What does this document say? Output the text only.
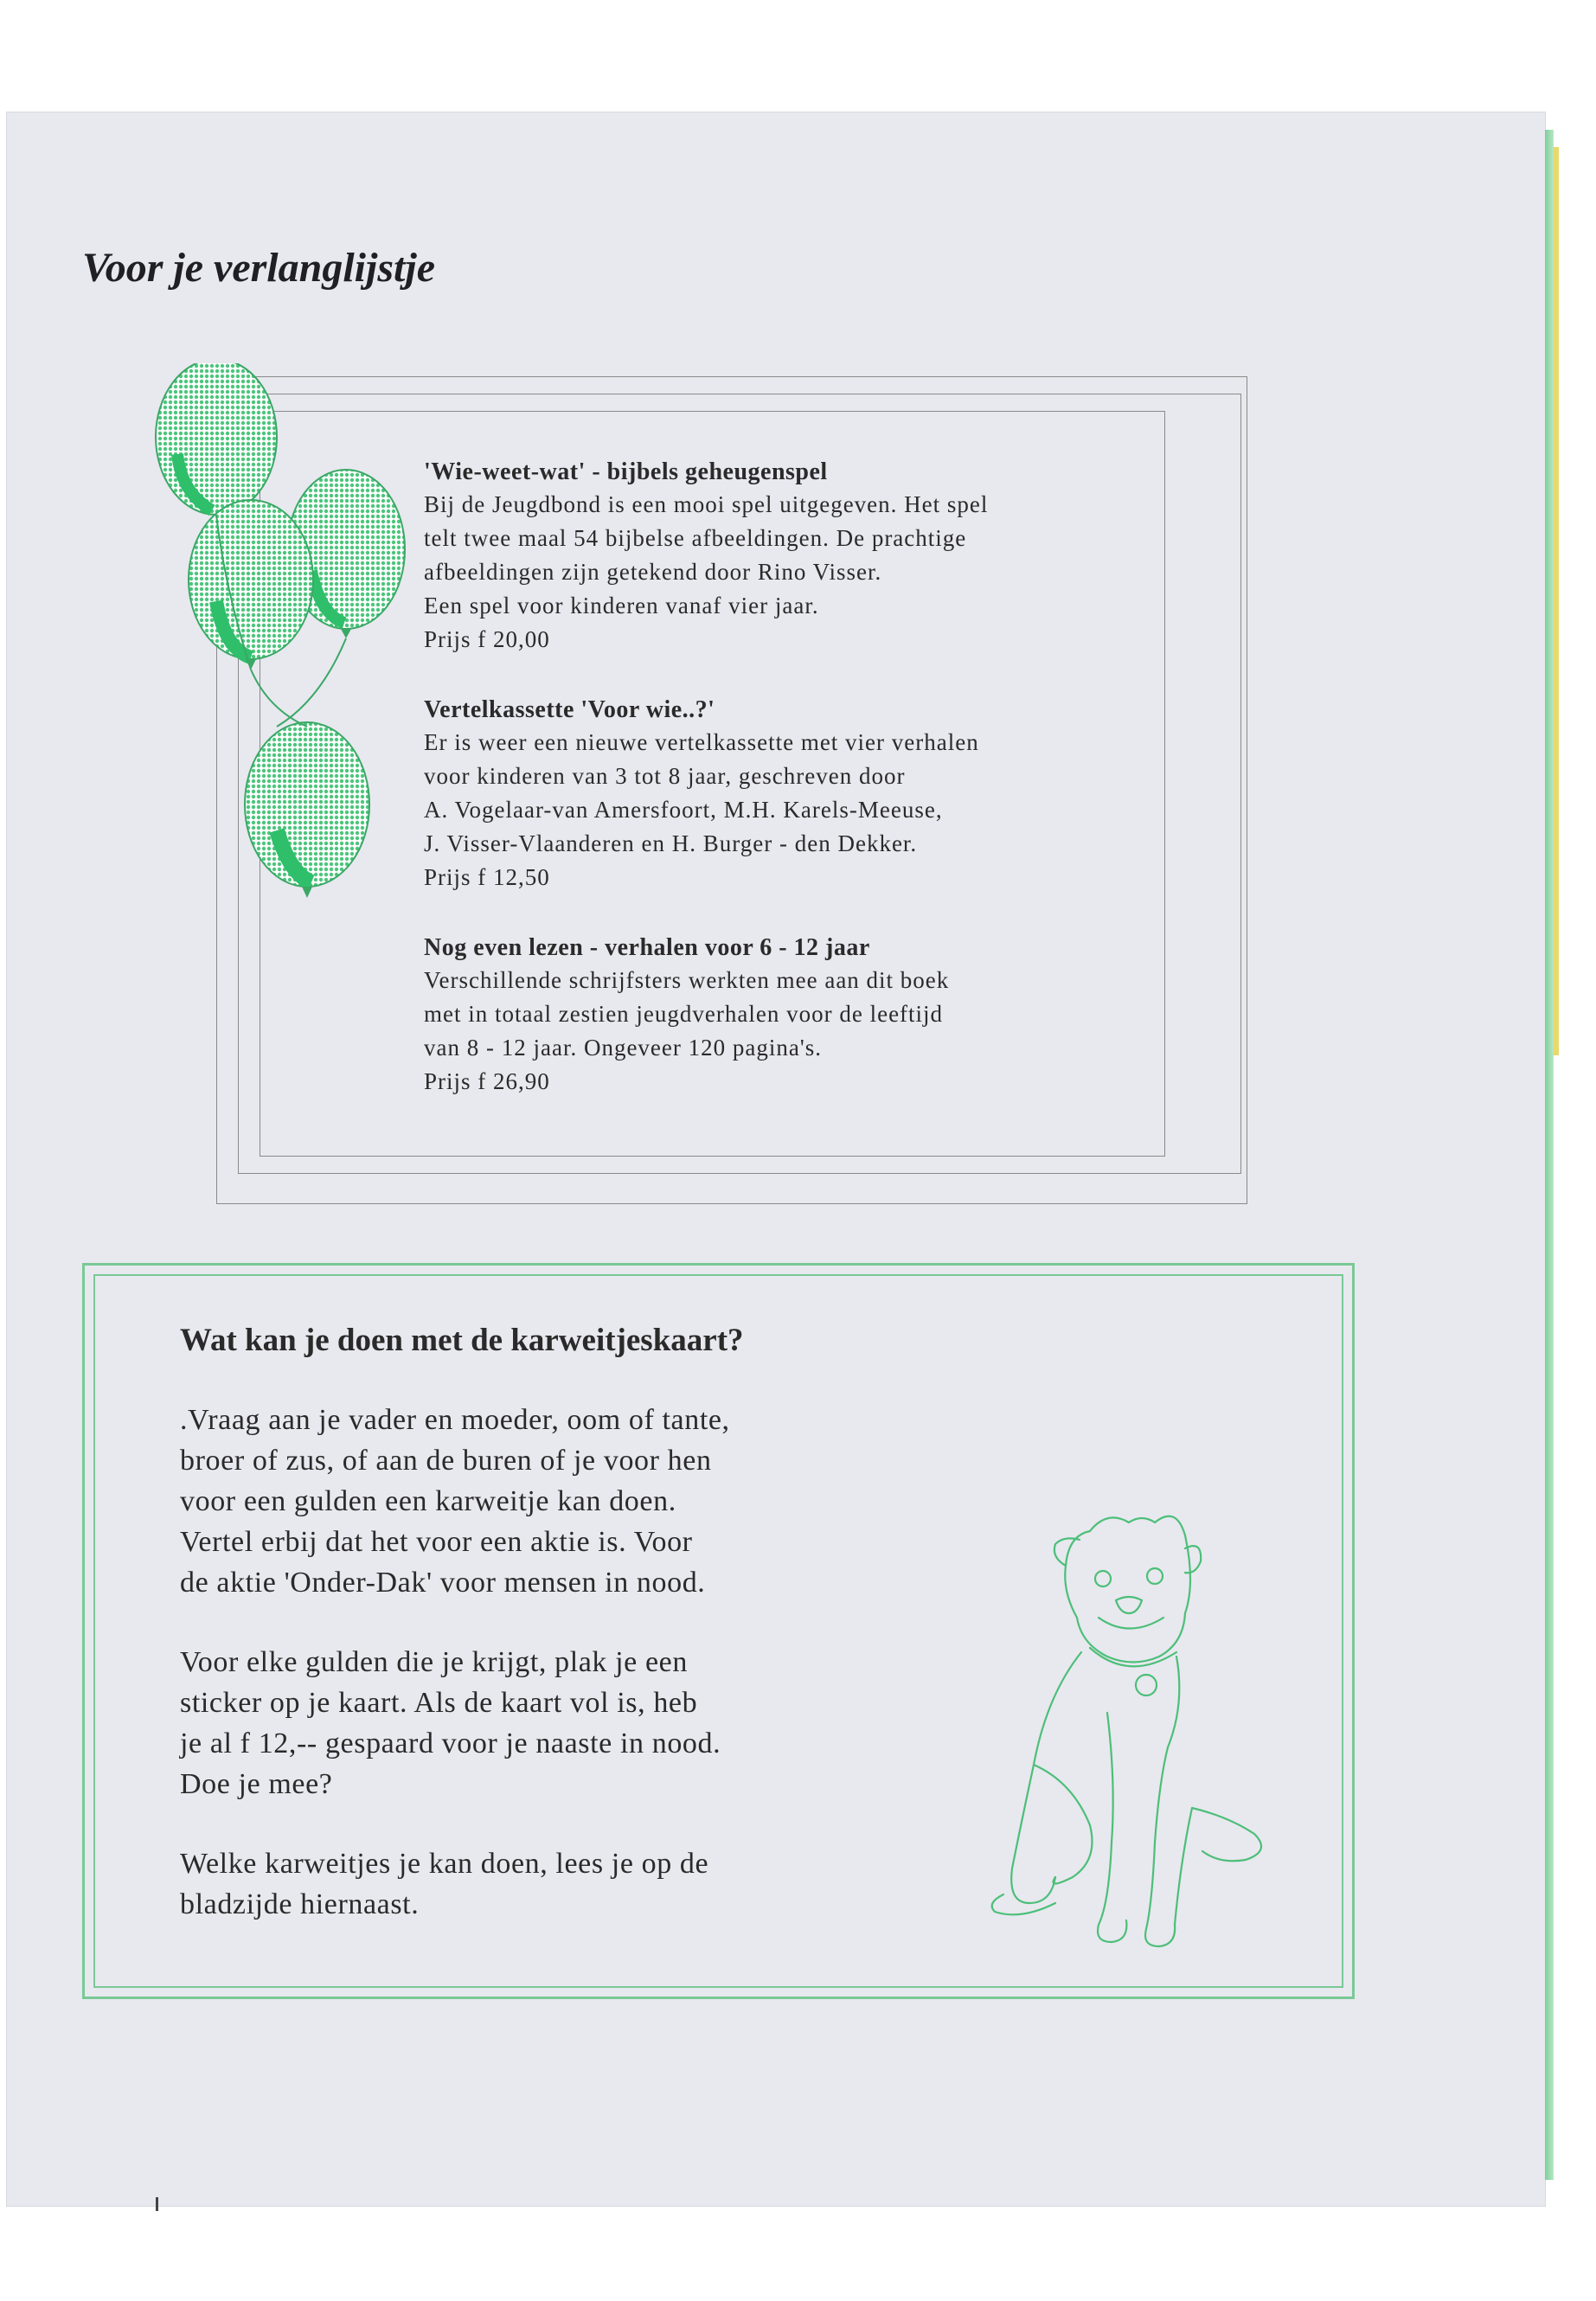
Voor je verlanglijstje

'Wie-weet-wat' - bijbels geheugenspel

Bij de Jeugdbond is een mooi spel uitgegeven. Het spel

telt twee maal 54 bijbelse afbeeldingen. De prachtige

afbeeldingen zijn getekend door Rino Visser.

Een spel voor kinderen vanaf vier jaar.

Prijs f 20,00

Vertelkassette 'Voor wie..?'

Er is weer een nieuwe vertelkassette met vier verhalen

voor kinderen van 3 tot 8 jaar, geschreven door

A. Vogelaar-van Amersfoort, M.H. Karels-Meeuse,

J. Visser-Vlaanderen en H. Burger - den Dekker.

Prijs f 12,50

Nog even lezen - verhalen voor 6 - 12 jaar

Verschillende schrijfsters werkten mee aan dit boek

met in totaal zestien jeugdverhalen voor de leeftijd

van 8 - 12 jaar. Ongeveer 120 pagina's.

Prijs f 26,90

Wat kan je doen met de karweitjeskaart?

.Vraag aan je vader en moeder, oom of tante,

broer of zus, of aan de buren of je voor hen

voor een gulden een karweitje kan doen.

Vertel erbij dat het voor een aktie is. Voor

de aktie 'Onder-Dak' voor mensen in nood.

Voor elke gulden die je krijgt, plak je een

sticker op je kaart. Als de kaart vol is, heb

je al f 12,-- gespaard voor je naaste in nood.

Doe je mee?

Welke karweitjes je kan doen, lees je op de

bladzijde hiernaast.
